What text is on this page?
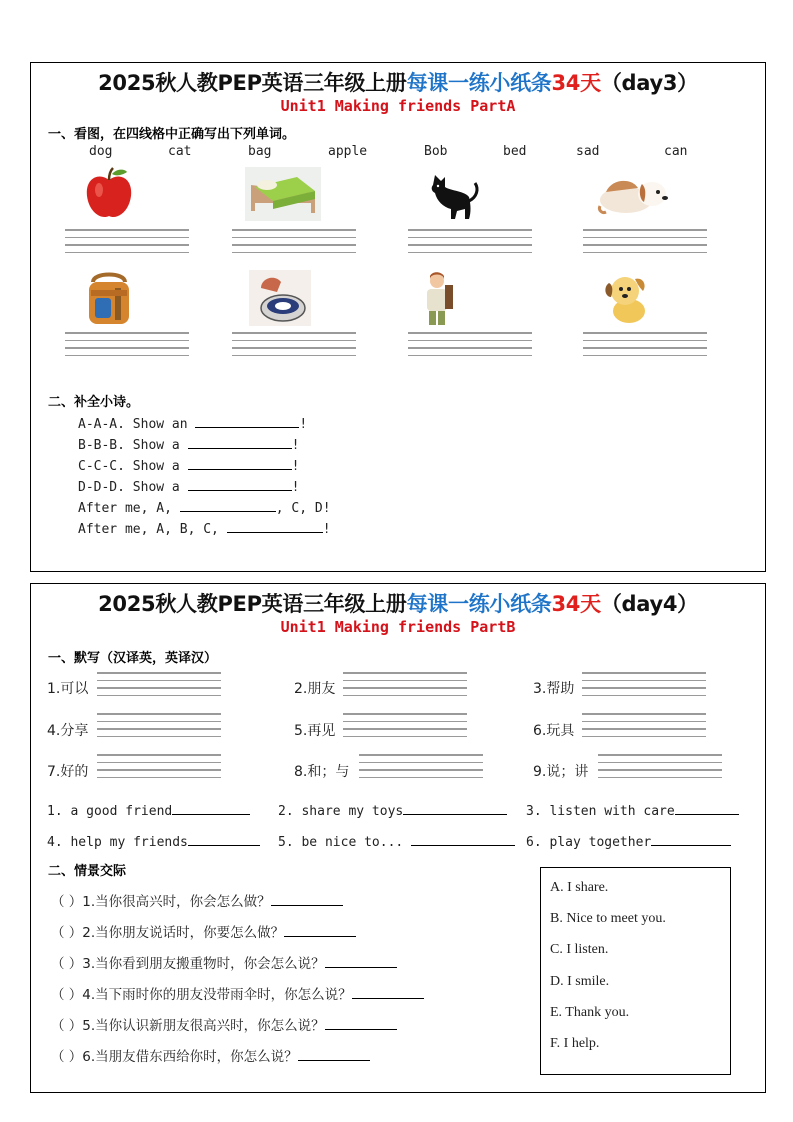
2025秋人教PEP英语三年级上册每课一练小纸条34天（day3）
Unit1 Making friends PartA
一、看图，在四线格中正确写出下列单词。
dog	cat	bag	apple	Bob	bed	sad	can
二、补全小诗。
A-A-A. Show an	!
B-B-B. Show a	!
C-C-C. Show a	!
D-D-D. Show a	!
After me, A,	, C, D!
After me, A, B, C,	!
2025秋人教PEP英语三年级上册每课一练小纸条34天（day4）
Unit1 Making friends PartB
一、默写（汉译英，英译汉）
1.可以	2.朋友	3.帮助
4.分享	5.再见	6.玩具
7.好的	8.和；与	9.说；讲
1. a good friend	2. share my toys	3. listen with care
4. help my friends	5. be nice to...	6. play together
二、情景交际
（ ）1.当你很高兴时，你会怎么做？
（ ）2.当你朋友说话时，你要怎么做？
（ ）3.当你看到朋友搬重物时，你会怎么说？
（ ）4.当下雨时你的朋友没带雨伞时，你怎么说？
（ ）5.当你认识新朋友很高兴时，你怎么说？
（ ）6.当朋友借东西给你时，你怎么说？
A. I share.
B. Nice to meet you.
C. I listen.
D. I smile.
E. Thank you.
F. I help.
